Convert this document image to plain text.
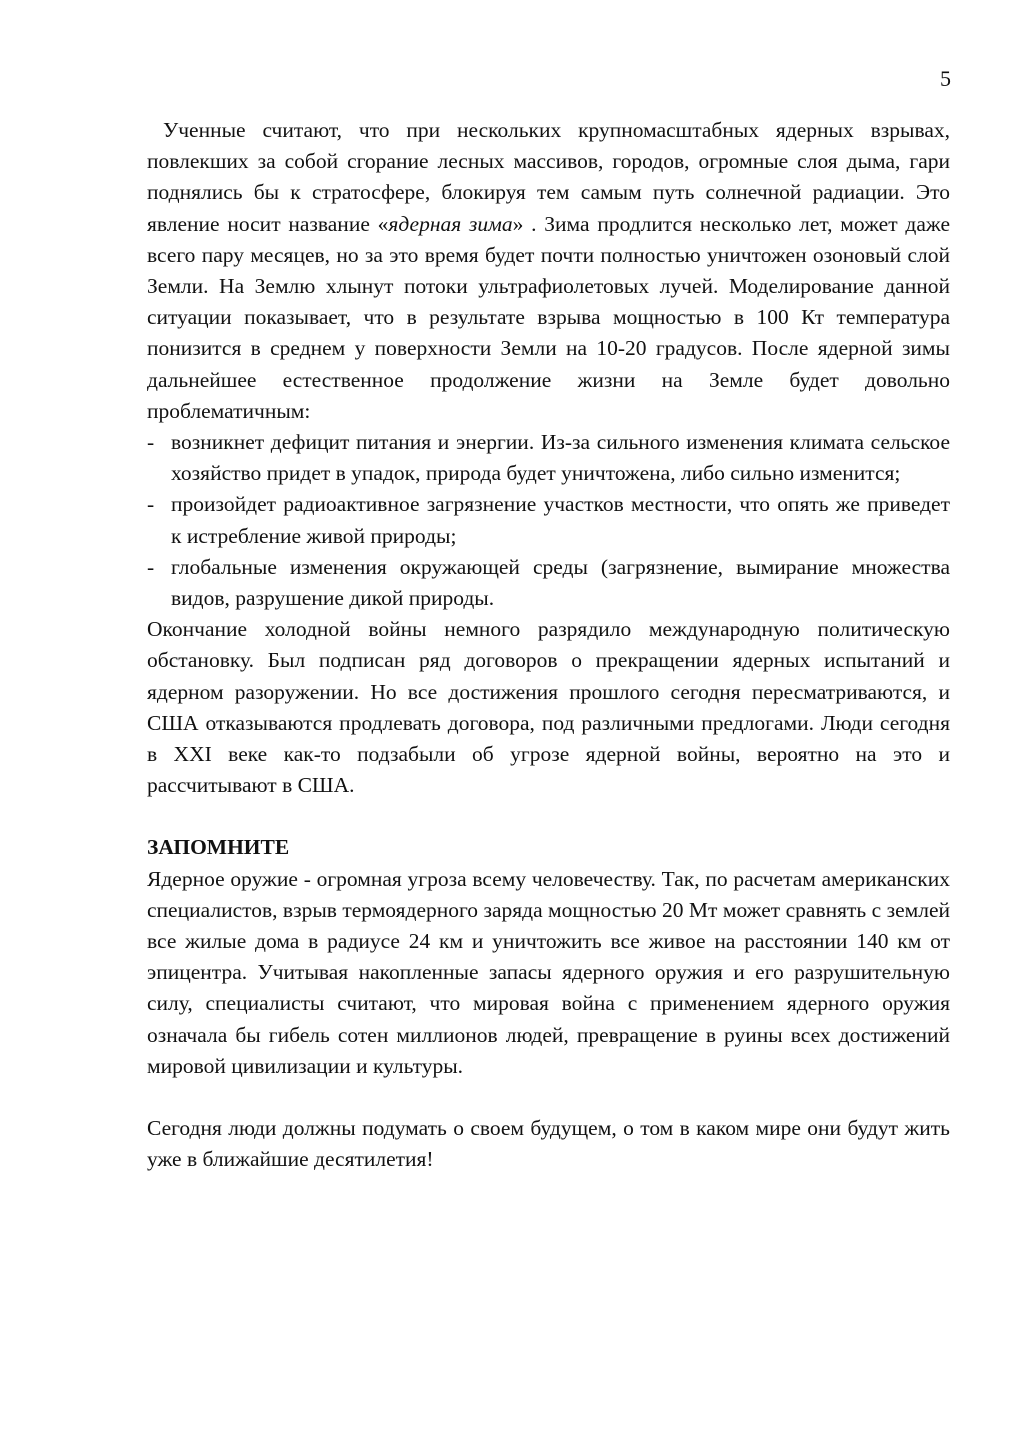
5

Ученные считают, что при нескольких крупномасштабных ядерных взрывах, повлекших за собой сгорание лесных массивов, городов, огромные слоя дыма, гари поднялись бы к стратосфере, блокируя тем самым путь солнечной радиации. Это явление носит название «ядерная зима» . Зима продлится несколько лет, может даже всего пару месяцев, но за это время будет почти полностью уничтожен озоновый слой Земли. На Землю хлынут потоки ультрафиолетовых лучей. Моделирование данной ситуации показывает, что в результате взрыва мощностью в 100 Кт температура понизится в среднем у поверхности Земли на 10-20 градусов. После ядерной зимы дальнейшее естественное продолжение жизни на Земле будет довольно проблематичным:

- возникнет дефицит питания и энергии. Из-за сильного изменения климата сельское хозяйство придет в упадок, природа будет уничтожена, либо сильно изменится;
- произойдет радиоактивное загрязнение участков местности, что опять же приведет к истребление живой природы;
- глобальные изменения окружающей среды (загрязнение, вымирание множества видов, разрушение дикой природы.

Окончание холодной войны немного разрядило международную политическую обстановку. Был подписан ряд договоров о прекращении ядерных испытаний и ядерном разоружении. Но все достижения прошлого сегодня пересматриваются, и США отказываются продлевать договора, под различными предлогами. Люди сегодня в XXI веке как-то подзабыли об угрозе ядерной войны, вероятно на это и рассчитывают в США.

ЗАПОМНИТЕ

Ядерное оружие - огромная угроза всему человечеству. Так, по расчетам американских специалистов, взрыв термоядерного заряда мощностью 20 Мт может сравнять с землей все жилые дома в радиусе 24 км и уничтожить все живое на расстоянии 140 км от эпицентра. Учитывая накопленные запасы ядерного оружия и его разрушительную силу, специалисты считают, что мировая война с применением ядерного оружия означала бы гибель сотен миллионов людей, превращение в руины всех достижений мировой цивилизации и культуры.

Сегодня люди должны подумать о своем будущем, о том в каком мире они будут жить уже в ближайшие десятилетия!
